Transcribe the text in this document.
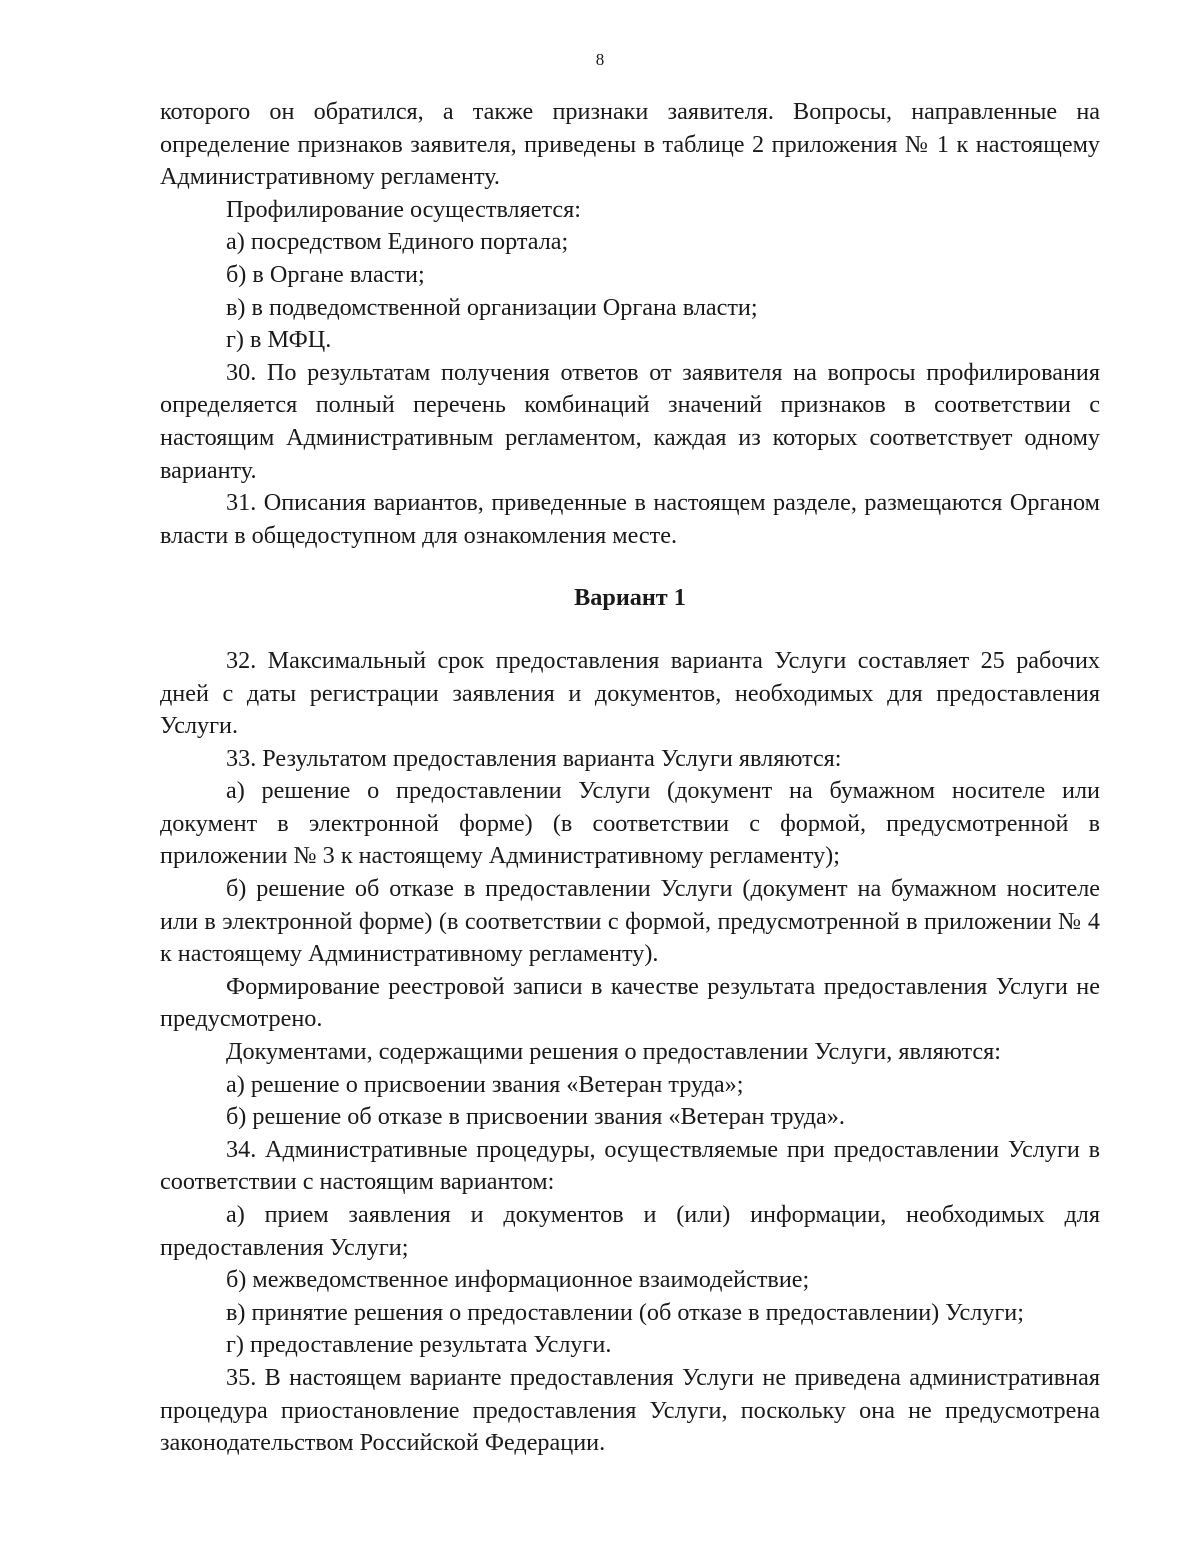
8

которого он обратился, а также признаки заявителя. Вопросы, направленные на определение признаков заявителя, приведены в таблице 2 приложения № 1 к настоящему Административному регламенту.

Профилирование осуществляется:

а) посредством Единого портала;

б) в Органе власти;

в) в подведомственной организации Органа власти;

г) в МФЦ.

30. По результатам получения ответов от заявителя на вопросы профилирования определяется полный перечень комбинаций значений признаков в соответствии с настоящим Административным регламентом, каждая из которых соответствует одному варианту.

31. Описания вариантов, приведенные в настоящем разделе, размещаются Органом власти в общедоступном для ознакомления месте.

Вариант 1

32. Максимальный срок предоставления варианта Услуги составляет 25 рабочих дней с даты регистрации заявления и документов, необходимых для предоставления Услуги.

33. Результатом предоставления варианта Услуги являются:

а) решение о предоставлении Услуги (документ на бумажном носителе или документ в электронной форме) (в соответствии с формой, предусмотренной в приложении № 3 к настоящему Административному регламенту);

б) решение об отказе в предоставлении Услуги (документ на бумажном носителе или в электронной форме) (в соответствии с формой, предусмотренной в приложении № 4 к настоящему Административному регламенту).

Формирование реестровой записи в качестве результата предоставления Услуги не предусмотрено.

Документами, содержащими решения о предоставлении Услуги, являются:

а) решение о присвоении звания «Ветеран труда»;

б) решение об отказе в присвоении звания «Ветеран труда».

34. Административные процедуры, осуществляемые при предоставлении Услуги в соответствии с настоящим вариантом:

а) прием заявления и документов и (или) информации, необходимых для предоставления Услуги;

б) межведомственное информационное взаимодействие;

в) принятие решения о предоставлении (об отказе в предоставлении) Услуги;

г) предоставление результата Услуги.

35. В настоящем варианте предоставления Услуги не приведена административная процедура приостановление предоставления Услуги, поскольку она не предусмотрена законодательством Российской Федерации.
